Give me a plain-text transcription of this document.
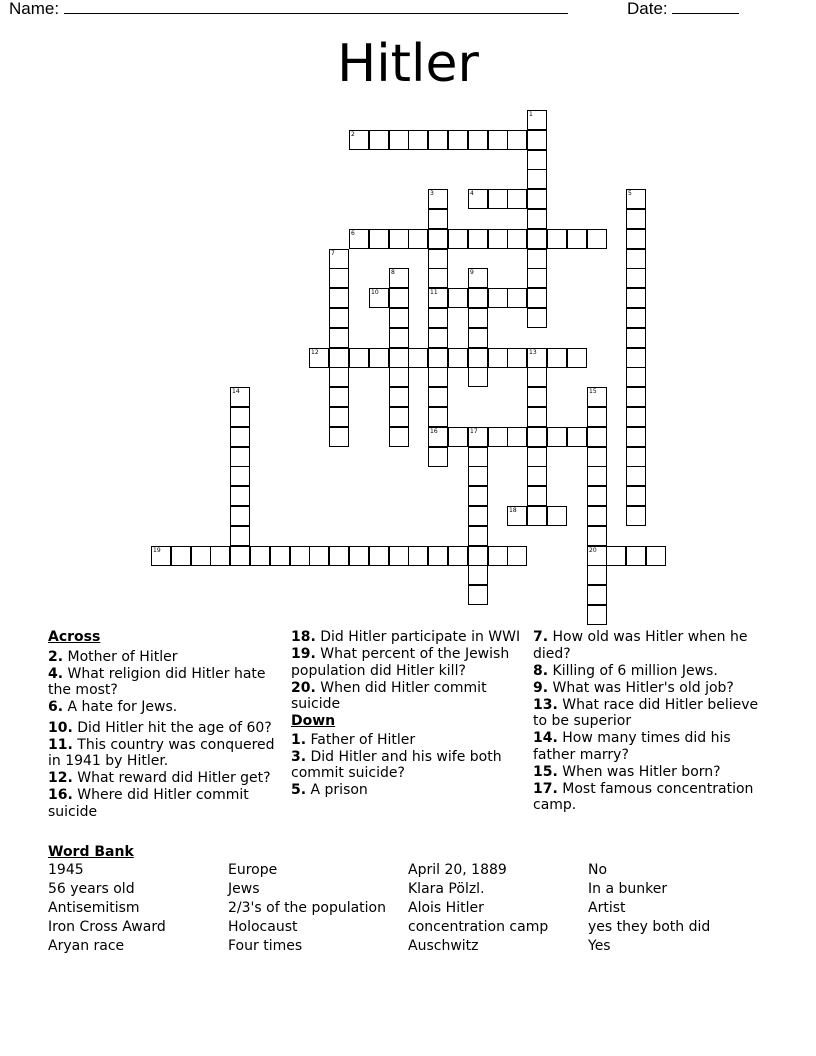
Name:	Date:
Hitler
1
2
3
11
16
4	5
6
7
8	9
10
12	13
14	15
20
17
18
19
Across
2. Mother of Hitler
4. What religion did Hitler hate the most?
6. A hate for Jews.
10. Did Hitler hit the age of 60?
11. This country was conquered in 1941 by Hitler.
12. What reward did Hitler get?
16. Where did Hitler commit suicide
18. Did Hitler participate in WWI
19. What percent of the Jewish population did Hitler kill?
20. When did Hitler commit suicide
Down
1. Father of Hitler
3. Did Hitler and his wife both commit suicide?
5. A prison
7. How old was Hitler when he died?
8. Killing of 6 million Jews.
9. What was Hitler's old job?
13. What race did Hitler believe to be superior
14. How many times did his father marry?
15. When was Hitler born?
17. Most famous concentration camp.
Word Bank
1945	Europe	April 20, 1889	No
56 years old	Jews	Klara Pölzl.	In a bunker
Antisemitism	2/3's of the population	Alois Hitler	Artist
Iron Cross Award	Holocaust	concentration camp	yes they both did
Aryan race	Four times	Auschwitz	Yes
